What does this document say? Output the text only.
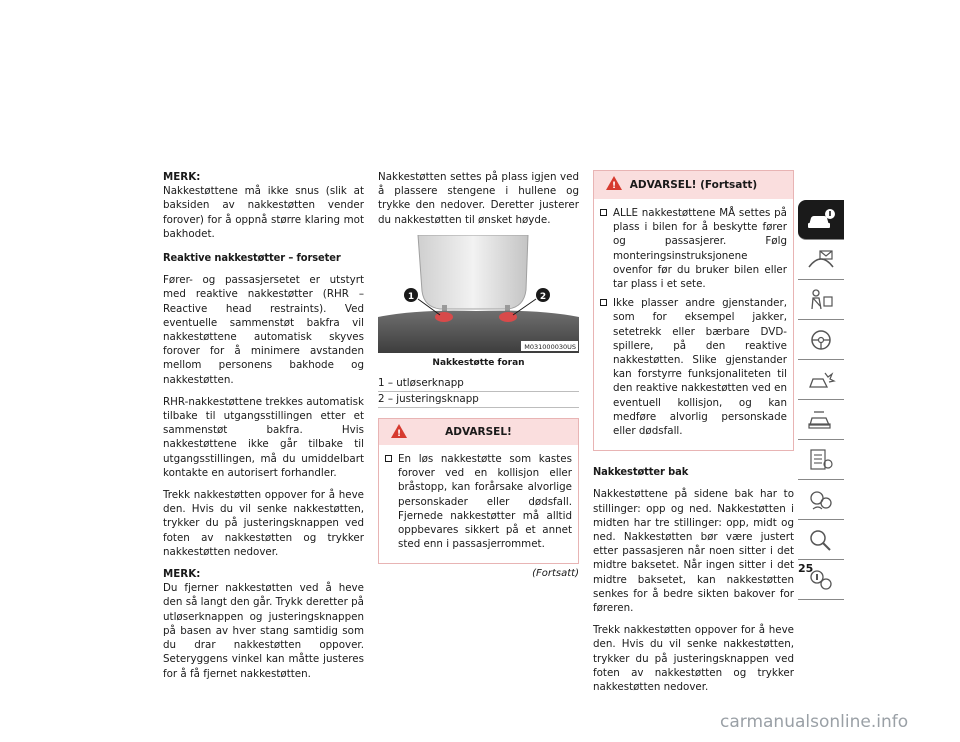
MERK:
Nakkestøttene må ikke snus (slik at baksiden av nakkestøtten vender forover) for å oppnå større klaring mot bakhodet.

Reaktive nakkestøtter – forseter

Fører- og passasjersetet er utstyrt med reaktive nakkestøtter (RHR – Reactive head restraints). Ved eventuelle sammenstøt bakfra vil nakkestøttene automatisk skyves forover for å minimere avstanden mellom personens bakhode og nakkestøtten.

RHR-nakkestøttene trekkes automatisk tilbake til utgangsstillingen etter et sammenstøt bakfra. Hvis nakkestøttene ikke går tilbake til utgangsstillingen, må du umiddelbart kontakte en autorisert forhandler.

Trekk nakkestøtten oppover for å heve den. Hvis du vil senke nakkestøtten, trykker du på justeringsknappen ved foten av nakkestøtten og trykker nakkestøtten nedover.

MERK:
Du fjerner nakkestøtten ved å heve den så langt den går. Trykk deretter på utløserknappen og justeringsknappen på basen av hver stang samtidig som du drar nakkestøtten oppover. Seteryggens vinkel kan måtte justeres for å få fjernet nakkestøtten.

Nakkestøtten settes på plass igjen ved å plassere stengene i hullene og trykke den nedover. Deretter justerer du nakkestøtten til ønsket høyde.

1	2
M031000030US
Nakkestøtte foran
1 – utløserknapp
2 – justeringsknapp
!	ADVARSEL!
En løs nakkestøtte som kastes forover ved en kollisjon eller bråstopp, kan forårsake alvorlige personskader eller dødsfall. Fjernede nakkestøtter må alltid oppbevares sikkert på et annet sted enn i passasjerrommet.
(Fortsatt)
! ADVARSEL! (Fortsatt)
ALLE nakkestøttene MÅ settes på plass i bilen for å beskytte fører og passasjerer. Følg monteringsinstruksjonene ovenfor før du bruker bilen eller tar plass i et sete.
Ikke plasser andre gjenstander, som for eksempel jakker, setetrekk eller bærbare DVD-spillere, på den reaktive nakkestøtten. Slike gjenstander kan forstyrre funksjonaliteten til den reaktive nakkestøtten ved en eventuell kollisjon, og kan medføre alvorlig personskade eller dødsfall.
Nakkestøtter bak

Nakkestøttene på sidene bak har to stillinger: opp og ned. Nakkestøtten i midten har tre stillinger: opp, midt og ned. Nakkestøtten bør være justert etter passasjeren når noen sitter i det midtre baksetet. Når ingen sitter i det midtre baksetet, kan nakkestøtten senkes for å bedre sikten bakover for føreren.

Trekk nakkestøtten oppover for å heve den. Hvis du vil senke nakkestøtten, trykker du på justeringsknappen ved foten av nakkestøtten og trykker nakkestøtten nedover.

25
carmanualsonline.info
